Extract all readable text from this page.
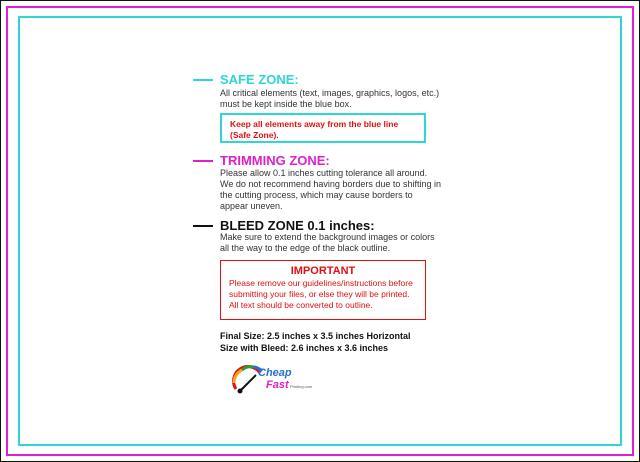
SAFE ZONE:
All critical elements (text, images, graphics, logos, etc.)
must be kept inside the blue box.
Keep all elements away from the blue line
(Safe Zone).
TRIMMING ZONE:
Please allow 0.1 inches cutting tolerance all around.
We do not recommend having borders due to shifting in
the cutting process, which may cause borders to
appear uneven.
BLEED ZONE 0.1 inches:
Make sure to extend the background images or colors
all the way to the edge of the black outline.
IMPORTANT
Please remove our guidelines/instructions before
submitting your files, or else they will be printed.
All text should be converted to outline.
Final Size: 2.5 inches x 3.5 inches Horizontal
Size with Bleed: 2.6 inches x 3.6 inches
Cheap
Fast Printing.com
